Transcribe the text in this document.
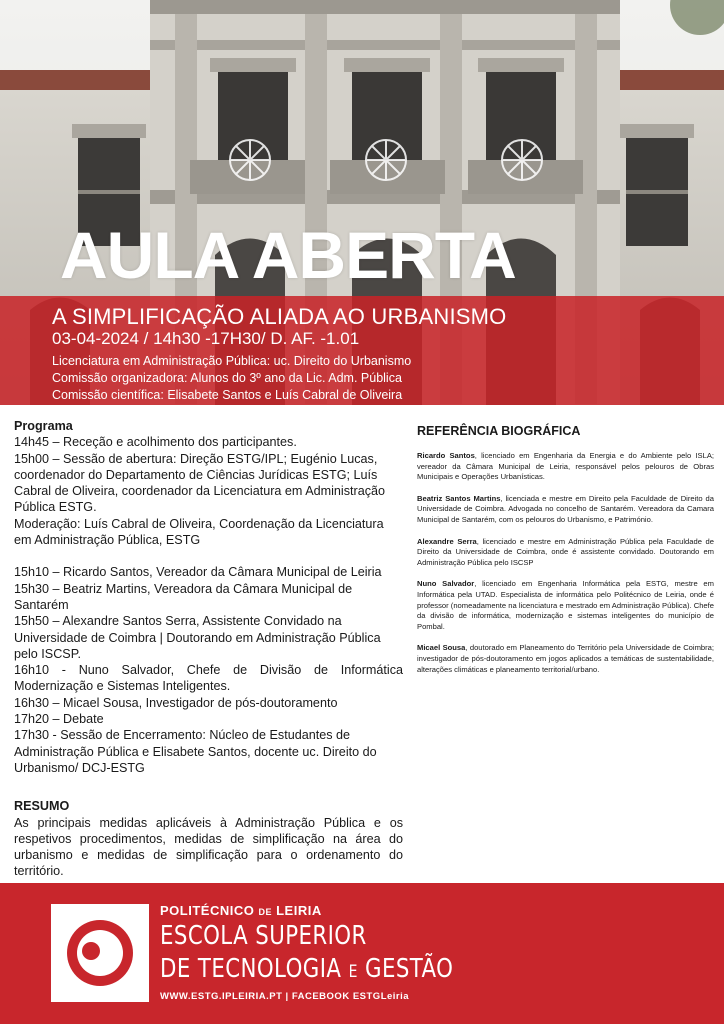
AULA ABERTA
A SIMPLIFICAÇÃO ALIADA AO URBANISMO

03-04-2024 / 14h30 -17H30/ D. AF. -1.01

Licenciatura em Administração Pública: uc. Direito do Urbanismo
Comissão organizadora: Alunos do 3º ano da Lic. Adm. Pública
Comissão científica: Elisabete Santos e Luís Cabral de Oliveira

Programa

14h45 – Receção e acolhimento dos participantes.

15h00 – Sessão de abertura: Direção ESTG/IPL; Eugénio Lucas, coordenador do Departamento de Ciências Jurídicas ESTG; Luís Cabral de Oliveira, coordenador da Licenciatura em Administração Pública ESTG.

Moderação: Luís Cabral de Oliveira, Coordenação da Licenciatura em Administração Pública, ESTG

15h10 – Ricardo Santos, Vereador da Câmara Municipal de Leiria

15h30 – Beatriz Martins, Vereadora da Câmara Municipal de Santarém

15h50 – Alexandre Santos Serra, Assistente Convidado na Universidade de Coimbra | Doutorando em Administração Pública pelo ISCSP.

16h10 - Nuno Salvador, Chefe de Divisão de Informática Modernização e Sistemas Inteligentes.

16h30 – Micael Sousa, Investigador de pós-doutoramento

17h20 – Debate

17h30 - Sessão de Encerramento: Núcleo de Estudantes de Administração Pública e Elisabete Santos, docente uc. Direito do Urbanismo/ DCJ-ESTG

RESUMO

As principais medidas aplicáveis à Administração Pública e os respetivos procedimentos, medidas de simplificação na área do urbanismo e medidas de simplificação para o ordenamento do território.

REFERÊNCIA BIOGRÁFICA

Ricardo Santos, licenciado em Engenharia da Energia e do Ambiente pelo ISLA; vereador da Câmara Municipal de Leiria, responsável pelos pelouros de Obras Municipais e Operações Urbanísticas.

Beatriz Santos Martins, licenciada e mestre em Direito pela Faculdade de Direito da Universidade de Coimbra. Advogada no concelho de Santarém. Vereadora da Camara Municipal de Santarém, com os pelouros do Urbanismo, e Património.

Alexandre Serra, licenciado e mestre em Administração Pública pela Faculdade de Direito da Universidade de Coimbra, onde é assistente convidado. Doutorando em Administração Pública pelo ISCSP

Nuno Salvador, licenciado em Engenharia Informática pela ESTG, mestre em Informática pela UTAD. Especialista de informática pelo Politécnico de Leiria, onde é professor (nomeadamente na licenciatura e mestrado em Administração Pública). Chefe da divisão de informática, modernização e sistemas inteligentes do município de Pombal.

Micael Sousa, doutorado em Planeamento do Território pela Universidade de Coimbra; investigador de pós-doutoramento em jogos aplicados a temáticas de sustentabilidade, alterações climáticas e planeamento territorial/urbano.

POLITÉCNICO DE LEIRIA
ESCOLA SUPERIOR
DE TECNOLOGIA E GESTÃO
WWW.ESTG.IPLEIRIA.PT | FACEBOOK ESTGLeiria
